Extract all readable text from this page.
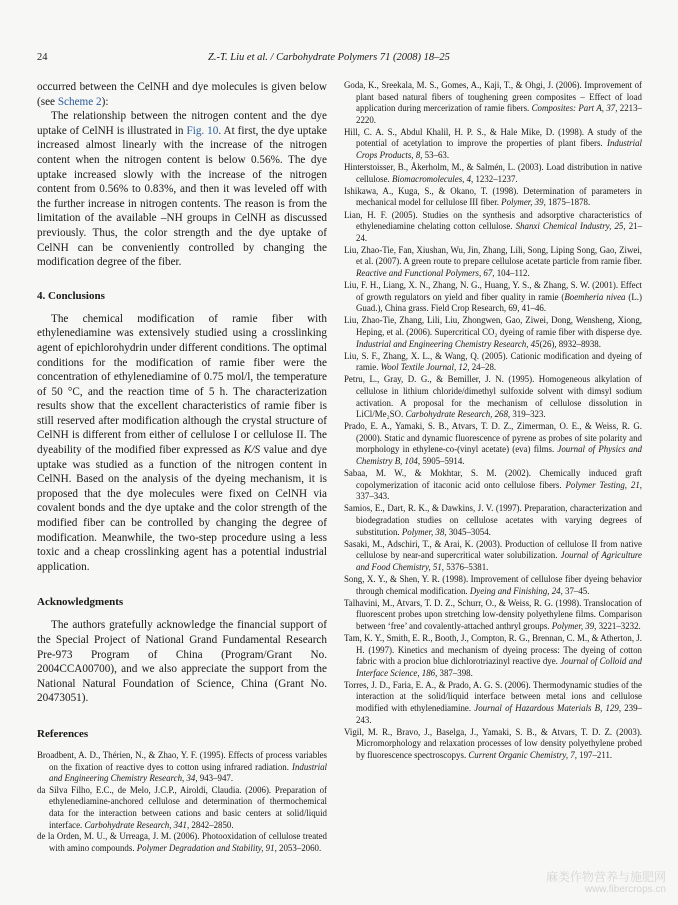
24	Z.-T. Liu et al. / Carbohydrate Polymers 71 (2008) 18–25

occurred between the CelNH and dye molecules is given below (see Scheme 2):

The relationship between the nitrogen content and the dye uptake of CelNH is illustrated in Fig. 10. At first, the dye uptake increased almost linearly with the increase of the nitrogen content when the nitrogen content is below 0.56%. The dye uptake increased slowly with the increase of the nitrogen content from 0.56% to 0.83%, and then it was leveled off with the further increase in nitrogen contents. The reason is from the limitation of the available –NH groups in CelNH as discussed previously. Thus, the color strength and the dye uptake of CelNH can be conveniently controlled by changing the modification degree of the fiber.

4. Conclusions

The chemical modification of ramie fiber with ethylenediamine was extensively studied using a crosslinking agent of epichlorohydrin under different conditions. The optimal conditions for the modification of ramie fiber were the concentration of ethylenediamine of 0.75 mol/l, the temperature of 50 °C, and the reaction time of 5 h. The characterization results show that the excellent characteristics of ramie fiber is still reserved after modification although the crystal structure of CelNH is different from either of cellulose I or cellulose II. The dyeability of the modified fiber expressed as K/S value and dye uptake was studied as a function of the nitrogen content in CelNH. Based on the analysis of the dyeing mechanism, it is proposed that the dye molecules were fixed on CelNH via covalent bonds and the dye uptake and the color strength of the modified fiber can be controlled by changing the degree of modification. Meanwhile, the two-step procedure using a less toxic and a cheap crosslinking agent has a potential industrial application.

Acknowledgments

The authors gratefully acknowledge the financial support of the Special Project of National Grand Fundamental Research Pre-973 Program of China (Program/Grant No. 2004CCA00700), and we also appreciate the support from the National Natural Foundation of Science, China (Grant No. 20473051).

References

Broadbent, A. D., Thérien, N., & Zhao, Y. F. (1995). Effects of process variables on the fixation of reactive dyes to cotton using infrared radiation. Industrial and Engineering Chemistry Research, 34, 943–947.

da Silva Filho, E.C., de Melo, J.C.P., Airoldi, Claudia. (2006). Preparation of ethylenediamine-anchored cellulose and determination of thermochemical data for the interaction between cations and basic centers at solid/liquid interface. Carbohydrate Research, 341, 2842–2850.

de la Orden, M. U., & Urreaga, J. M. (2006). Photooxidation of cellulose treated with amino compounds. Polymer Degradation and Stability, 91, 2053–2060.

Goda, K., Sreekala, M. S., Gomes, A., Kaji, T., & Ohgi, J. (2006). Improvement of plant based natural fibers of toughening green composites – Effect of load application during mercerization of ramie fibers. Composites: Part A, 37, 2213–2220.

Hill, C. A. S., Abdul Khalil, H. P. S., & Hale Mike, D. (1998). A study of the potential of acetylation to improve the properties of plant fibers. Industrial Crops Products, 8, 53–63.

Hinterstoisser, B., Åkerholm, M., & Salmén, L. (2003). Load distribution in native cellulose. Biomacromolecules, 4, 1232–1237.

Ishikawa, A., Kuga, S., & Okano, T. (1998). Determination of parameters in mechanical model for cellulose III fiber. Polymer, 39, 1875–1878.

Lian, H. F. (2005). Studies on the synthesis and adsorptive characteristics of ethylenediamine chelating cotton cellulose. Shanxi Chemical Industry, 25, 21–24.

Liu, Zhao-Tie, Fan, Xiushan, Wu, Jin, Zhang, Lili, Song, Liping Song, Gao, Ziwei, et al. (2007). A green route to prepare cellulose acetate particle from ramie fiber. Reactive and Functional Polymers, 67, 104–112.

Liu, F. H., Liang, X. N., Zhang, N. G., Huang, Y. S., & Zhang, S. W. (2001). Effect of growth regulators on yield and fiber quality in ramie (Boemheria nivea (L.) Guad.), China grass. Field Crop Research, 69, 41–46.

Liu, Zhao-Tie, Zhang, Lili, Liu, Zhongwen, Gao, Ziwei, Dong, Wensheng, Xiong, Heping, et al. (2006). Supercritical CO₂ dyeing of ramie fiber with disperse dye. Industrial and Engineering Chemistry Research, 45(26), 8932–8938.

Liu, S. F., Zhang, X. L., & Wang, Q. (2005). Cationic modification and dyeing of ramie. Wool Textile Journal, 12, 24–28.

Petru, L., Gray, D. G., & Bemiller, J. N. (1995). Homogeneous alkylation of cellulose in lithium chloride/dimethyl sulfoxide solvent with dimsyl sodium activation. A proposal for the mechanism of cellulose dissolution in LiCl/Me₂SO. Carbohydrate Research, 268, 319–323.

Prado, E. A., Yamaki, S. B., Atvars, T. D. Z., Zimerman, O. E., & Weiss, R. G. (2000). Static and dynamic fluorescence of pyrene as probes of site polarity and morphology in ethylene-co-(vinyl acetate) (eva) films. Journal of Physics and Chemistry B, 104, 5905–5914.

Sabaa, M. W., & Mokhtar, S. M. (2002). Chemically induced graft copolymerization of itaconic acid onto cellulose fibers. Polymer Testing, 21, 337–343.

Samios, E., Dart, R. K., & Dawkins, J. V. (1997). Preparation, characterization and biodegradation studies on cellulose acetates with varying degrees of substitution. Polymer, 38, 3045–3054.

Sasaki, M., Adschiri, T., & Arai, K. (2003). Production of cellulose II from native cellulose by near-and supercritical water solubilization. Journal of Agriculture and Food Chemistry, 51, 5376–5381.

Song, X. Y., & Shen, Y. R. (1998). Improvement of cellulose fiber dyeing behavior through chemical modification. Dyeing and Finishing, 24, 37–45.

Talhavini, M., Atvars, T. D. Z., Schurr, O., & Weiss, R. G. (1998). Translocation of fluorescent probes upon stretching low-density polyethylene films. Comparison between ‘free’ and covalently-attached anthryl groups. Polymer, 39, 3221–3232.

Tam, K. Y., Smith, E. R., Booth, J., Compton, R. G., Brennan, C. M., & Atherton, J. H. (1997). Kinetics and mechanism of dyeing process: The dyeing of cotton fabric with a procion blue dichlorotriazinyl reactive dye. Journal of Colloid and Interface Science, 186, 387–398.

Torres, J. D., Faria, E. A., & Prado, A. G. S. (2006). Thermodynamic studies of the interaction at the solid/liquid interface between metal ions and cellulose modified with ethylenediamine. Journal of Hazardous Materials B, 129, 239–243.

Vigil, M. R., Bravo, J., Baselga, J., Yamaki, S. B., & Atvars, T. D. Z. (2003). Micromorphology and relaxation processes of low density polyethylene probed by fluorescence spectroscopys. Current Organic Chemistry, 7, 197–211.

麻类作物营养与施肥网
www.fibercrops.cn
